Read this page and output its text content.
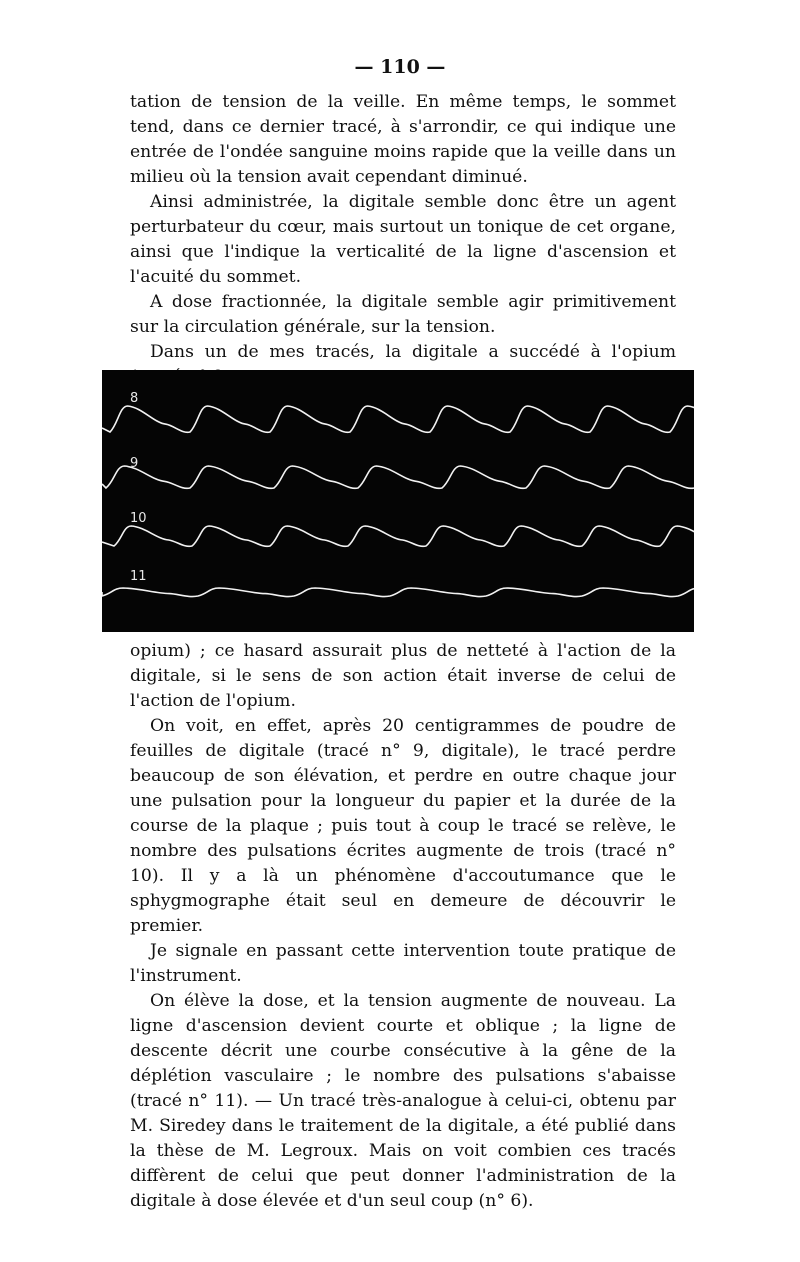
— 110 —

tation de tension de la veille. En même temps, le sommet tend, dans ce dernier tracé, à s'arrondir, ce qui indique une entrée de l'ondée sanguine moins rapide que la veille dans un milieu où la tension avait cependant diminué.

Ainsi administrée, la digitale semble donc être un agent perturbateur du cœur, mais surtout un tonique de cet organe, ainsi que l'indique la verticalité de la ligne d'ascension et l'acuité du sommet.

A dose fractionnée, la digitale semble agir primitivement sur la circulation générale, sur la tension.

Dans un de mes tracés, la digitale a succédé à l'opium

8
9
10
11

opium) ; ce hasard assurait plus de netteté à l'action de la digitale, si le sens de son action était inverse de celui de l'action de l'opium.

On voit, en effet, après 20 centigrammes de poudre de feuilles de digitale (tracé n° 9, digitale), le tracé perdre beaucoup de son élévation, et perdre en outre chaque jour une pulsation pour la longueur du papier et la durée de la course de la plaque ; puis tout à coup le tracé se relève, le nombre des pulsations écrites augmente de trois (tracé n° 10). Il y a là un phénomène d'accoutumance que le sphygmographe était seul en demeure de découvrir le premier.

Je signale en passant cette intervention toute pratique de l'instrument.

On élève la dose, et la tension augmente de nouveau. La ligne d'ascension devient courte et oblique ; la ligne de descente décrit une courbe consécutive à la gêne de la déplétion vasculaire ; le nombre des pulsations s'abaisse (tracé n° 11). — Un tracé très-analogue à celui-ci, obtenu par M. Siredey dans le traitement de la digitale, a été publié dans la thèse de M. Legroux. Mais on voit combien ces tracés diffèrent de celui que peut donner l'administration de la digitale à dose élevée et d'un seul coup (n° 6).
